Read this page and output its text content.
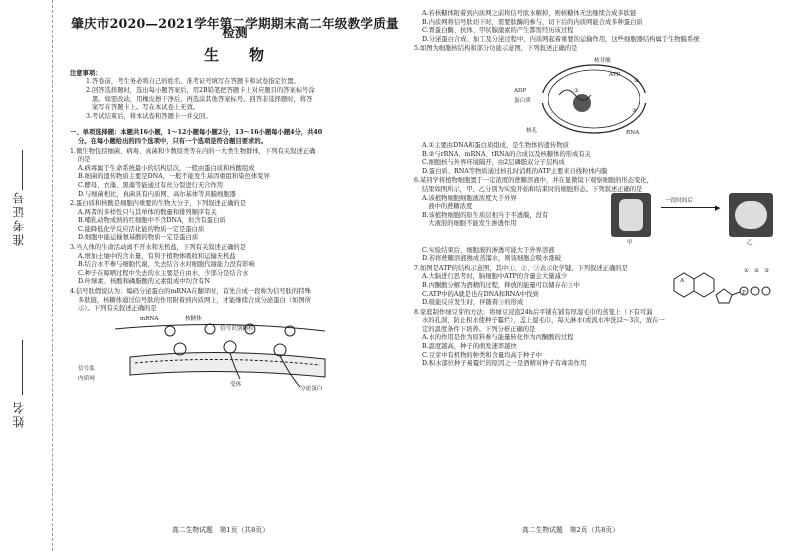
准考证号
姓名
肇庆市2020—2021学年第二学期期末高二年级教学质量检测
生物
注意事项：
1.答卷前，考生务必将自己的姓名、准考证号填写在答题卡和试卷指定位置。
2.回答选择题时，选出每小题答案后，用2B铅笔把答题卡上对应题目的答案标号涂
黑。如需改动，用橡皮擦干净后，再选涂其他答案标号。回答非选择题时，将答
案写在答题卡上。写在本试卷上无效。
3.考试结束后，将本试卷和答题卡一并交回。
一、单项选择题：本题共16小题，1～12小题每小题2分，13～16小题每小题4分，共40
分。在每小题给出的四个选项中，只有一个选项是符合题目要求的。
1.微生物包括细菌、病毒、真菌和少数原类等在内的一大类生物群体，下列有关叙述正确
的是
A.病毒属于生命系统最小的结构层次，一般由蛋白质和核酸组成
B.细菌的遗传物质主要是DNA，一般不能发生基因重组和染色体变异
C.酵母、衣藻、黑藻等能通过有丝分裂进行无合作用
D.与细菌相比，真菌具有内质网、高尔基体等具膜细胞器
2.蛋白质和核酸是细胞内重要的生物大分子，下列叙述正确的是
A.两者的多样性只与其单体的数量和排列顺序有关
B.哺乳动物成熟的红细胞中不含DNA，但含有蛋白质
C.能降低化学反应活化能的物质一定是蛋白质
D.细胞中能运输氨基酸的物质一定是蛋白质
3.当人体的生命活动离不开水和无机盐，下列有关叙述正确的是
A.增加土壤中的含水量，有利于植物体吸收和运输无机盐
B.结合水不参与细胞代谢，失去结合水对细胞代谢能力没有影响
C.种子在晾晒过程中失去的水主要是自由水，少部分是结合水
D.叶绿素、核酸和磷脂酸的元素组成中均含有N
4.信号肽假说认为：编码分泌蛋白的mRNA在翻译时，首先合成一段称为信号肽的特殊
多肽链，核糖体通过信号肽的作用附着到内质网上，才能继续合成分泌蛋白（如图所
示）。下列有关叙述正确的是
mRNA	核糖体
信号识别颗粒
信号肽
内质网
受体
分泌蛋白
高二生物试题　第1页（共8页）
A.若核糖体附着到内质网之前将信号肽水解掉，则核糖体无法继续合成多肽链
B.内质网将信号肽切下时，需要肽酶的参与，切下后的内质网能合成多种蛋白质
C.胃蛋白酶、抗体、甲状腺激素的产生都需经历该过程
D.分泌蛋白合成、加工及分泌过程中，内质网起着重要的运输作用，这些细胞器结构属于生物膜系统
5.如图为细胞核结构和部分功能示意图，下列叙述正确的是
核苷酸
ATP
ADP
蛋白质
①
②
③
核孔	RNA
A.①主要由DNA和蛋白质组成，是生物体的遗传物质
B.②与rRNA、mRNA、tRNA的合成以及核糖体的形成有关
C.细胞核与外界环境隔开，由2层磷脂双分子层构成
D.蛋白质、RNA等物质通过核孔时消耗的ATP主要来自线粒体内膜
6.某同学将植物细胞置于一定浓度的蔗糖溶液中，并在显微镜下观察细胞的形态变化，
结果如图所示，甲、乙分别为实验开始和结束时的细胞形态。下列叙述正确的是
A.该植物细胞细胞液浓度大于外界
　液中的蔗糖浓度
B.该植物细胞的原生质层相当于半透膜，没有
　大液泡的细胞不能发生渗透作用
▶
一段时间后
甲	乙
C.实验结束后，细胞液的渗透可能大于外界溶液
D.若将蔗糖溶液换成蒸馏水，则该细胞会吸水涨破
7.如图是ATP的结构示意图，其中①、②、③表示化学键。下列叙述正确的是
A.大脑进行思考时，脑细胞中ATP的含量会大量减少
B.丙酮酸分解为酒精的过程，释放的能量可以储存在③中
C.ATP中的A就是也在DNA和RNA中找到
D.吸能反应发生时，伴随着③的形成
① ② ③
A
P
8.家庭制作绿豆芽的方法：将绿豆浸泡24h后平铺在铺有厚湿毛巾的蒸笼上（下有可漏
水的孔洞，防止积水使种子霉烂），盖上湿毛巾，每天淋水(或流水冲洗)2～3次，放在一
定的温度条件下培养。下列分析正确的是
A.水的作用是作为原料参与能量转化作为丙酮酸的过程
B.温度越高，种子的萌发速率越快
C.豆芽中有机物的种类和含量均高于种子中
D.积水部位种子易霉烂的原因之一是酒精对种子有毒害作用
高二生物试题　第2页（共8页）
